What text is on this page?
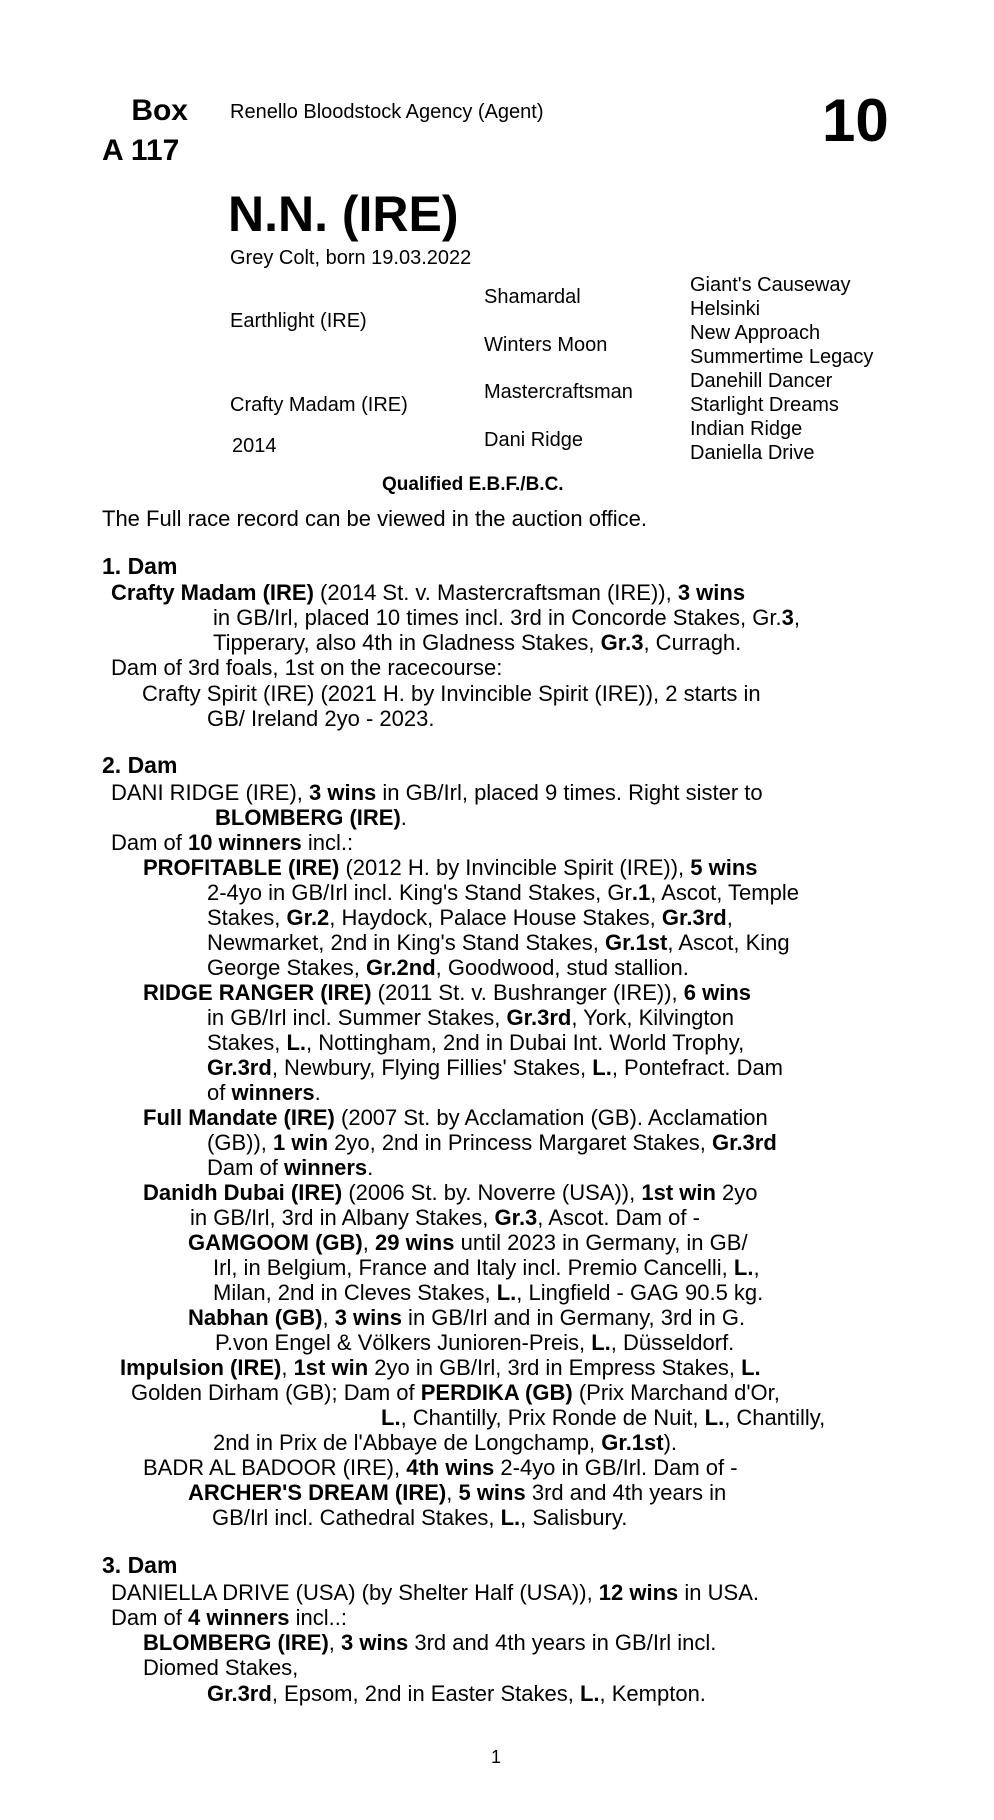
Box
A 117
Renello Bloodstock Agency (Agent)	10
N.N. (IRE)
Grey Colt, born 19.03.2022
Earthlight (IRE)
Crafty Madam (IRE)
2014
Shamardal
Winters Moon
Mastercraftsman
Dani Ridge
Giant's Causeway
Helsinki
New Approach
Summertime Legacy
Danehill Dancer
Starlight Dreams
Indian Ridge
Daniella Drive
Qualified E.B.F./B.C.
The Full race record can be viewed in the auction office.
1. Dam
Crafty Madam (IRE) (2014 St. v. Mastercraftsman (IRE)), 3 wins
in GB/Irl, placed 10 times incl. 3rd in Concorde Stakes, Gr.3,
Tipperary, also 4th in Gladness Stakes, Gr.3, Curragh.
Dam of 3rd foals, 1st on the racecourse:
Crafty Spirit (IRE) (2021 H. by Invincible Spirit (IRE)), 2 starts in
GB/ Ireland 2yo - 2023.
2. Dam
DANI RIDGE (IRE), 3 wins in GB/Irl, placed 9 times. Right sister to
BLOMBERG (IRE).
Dam of 10 winners incl.:
PROFITABLE (IRE) (2012 H. by Invincible Spirit (IRE)), 5 wins
2-4yo in GB/Irl incl. King's Stand Stakes, Gr.1, Ascot, Temple
Stakes, Gr.2, Haydock, Palace House Stakes, Gr.3rd,
Newmarket, 2nd in King's Stand Stakes, Gr.1st, Ascot, King
George Stakes, Gr.2nd, Goodwood, stud stallion.
RIDGE RANGER (IRE) (2011 St. v. Bushranger (IRE)), 6 wins
in GB/Irl incl. Summer Stakes, Gr.3rd, York, Kilvington
Stakes, L., Nottingham, 2nd in Dubai Int. World Trophy,
Gr.3rd, Newbury, Flying Fillies' Stakes, L., Pontefract. Dam
of winners.
Full Mandate (IRE) (2007 St. by Acclamation (GB). Acclamation
(GB)), 1 win 2yo, 2nd in Princess Margaret Stakes, Gr.3rd
Dam of winners.
Danidh Dubai (IRE) (2006 St. by. Noverre (USA)), 1st win 2yo
in GB/Irl, 3rd in Albany Stakes, Gr.3, Ascot. Dam of -
GAMGOOM (GB), 29 wins until 2023 in Germany, in GB/
Irl, in Belgium, France and Italy incl. Premio Cancelli, L.,
Milan, 2nd in Cleves Stakes, L., Lingfield - GAG 90.5 kg.
Nabhan (GB), 3 wins in GB/Irl and in Germany, 3rd in G.
P.von Engel & Völkers Junioren-Preis, L., Düsseldorf.
Impulsion (IRE), 1st win 2yo in GB/Irl, 3rd in Empress Stakes, L.
Golden Dirham (GB); Dam of PERDIKA (GB) (Prix Marchand d'Or,
L., Chantilly, Prix Ronde de Nuit, L., Chantilly,
2nd in Prix de l'Abbaye de Longchamp, Gr.1st).
BADR AL BADOOR (IRE), 4th wins 2-4yo in GB/Irl. Dam of -
ARCHER'S DREAM (IRE), 5 wins 3rd and 4th years in
GB/Irl incl. Cathedral Stakes, L., Salisbury.
3. Dam
DANIELLA DRIVE (USA) (by Shelter Half (USA)), 12 wins in USA.
Dam of 4 winners incl..:
BLOMBERG (IRE), 3 wins 3rd and 4th years in GB/Irl incl.
Diomed Stakes,
Gr.3rd, Epsom, 2nd in Easter Stakes, L., Kempton.
1
